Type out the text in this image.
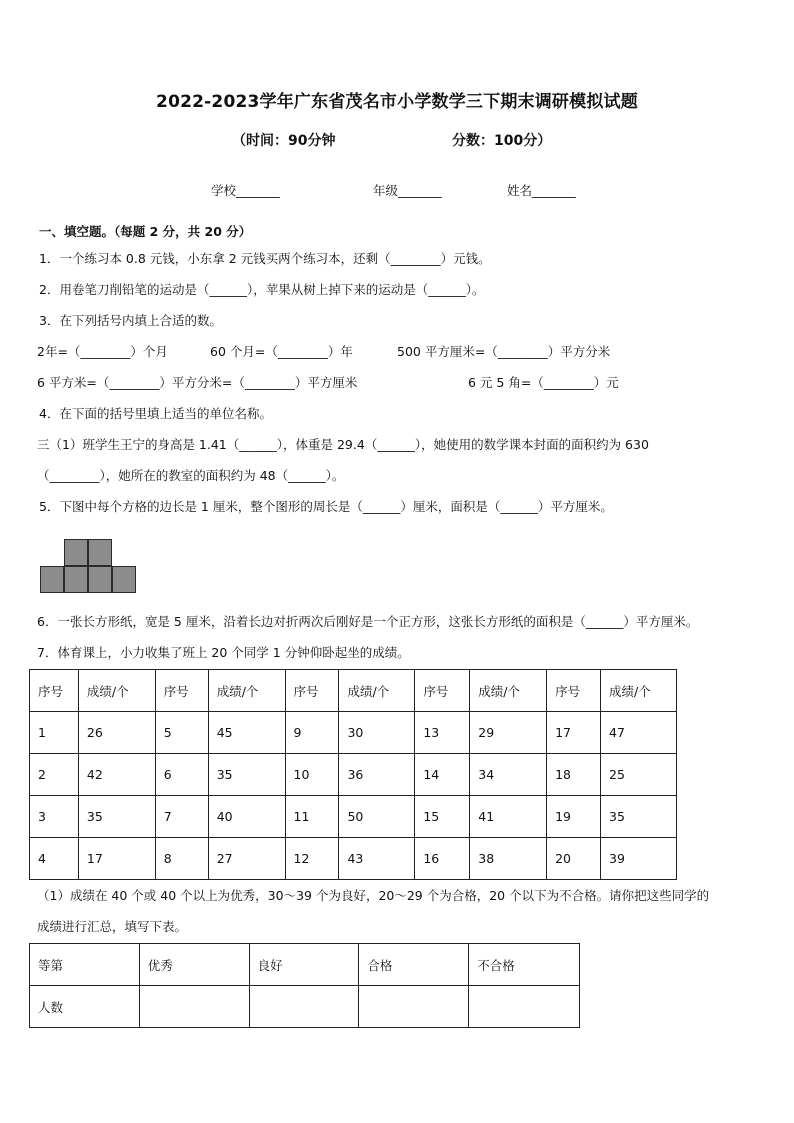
2022-2023学年广东省茂名市小学数学三下期末调研模拟试题
（时间：90分钟	分数：100分）
学校_______	年级_______	姓名_______
一、填空题。（每题 2 分，共 20 分）
1．一个练习本 0.8 元钱，小东拿 2 元钱买两个练习本，还剩（________）元钱。
2．用卷笔刀削铅笔的运动是（______），苹果从树上掉下来的运动是（______）。
3．在下列括号内填上合适的数。
2年=（________）个月	60 个月=（________）年	500 平方厘米=（________）平方分米
6 平方米=（________）平方分米=（________）平方厘米	6 元 5 角=（________）元
4．在下面的括号里填上适当的单位名称。
三（1）班学生王宁的身高是 1.41（______），体重是 29.4（______），她使用的数学课本封面的面积约为 630
（________），她所在的教室的面积约为 48（______）。
5．下图中每个方格的边长是 1 厘米，整个图形的周长是（______）厘米，面积是（______）平方厘米。
6．一张长方形纸，宽是 5 厘米，沿着长边对折两次后刚好是一个正方形，这张长方形纸的面积是（______）平方厘米。
7．体育课上，小力收集了班上 20 个同学 1 分钟仰卧起坐的成绩。
序号	成绩/个	序号	成绩/个	序号	成绩/个	序号	成绩/个	序号	成绩/个
1	26	5	45	9	30	13	29	17	47
2	42	6	35	10	36	14	34	18	25
3	35	7	40	11	50	15	41	19	35
4	17	8	27	12	43	16	38	20	39
（1）成绩在 40 个或 40 个以上为优秀，30～39 个为良好，20～29 个为合格，20 个以下为不合格。请你把这些同学的
成绩进行汇总，填写下表。
等第	优秀	良好	合格	不合格
人数				
